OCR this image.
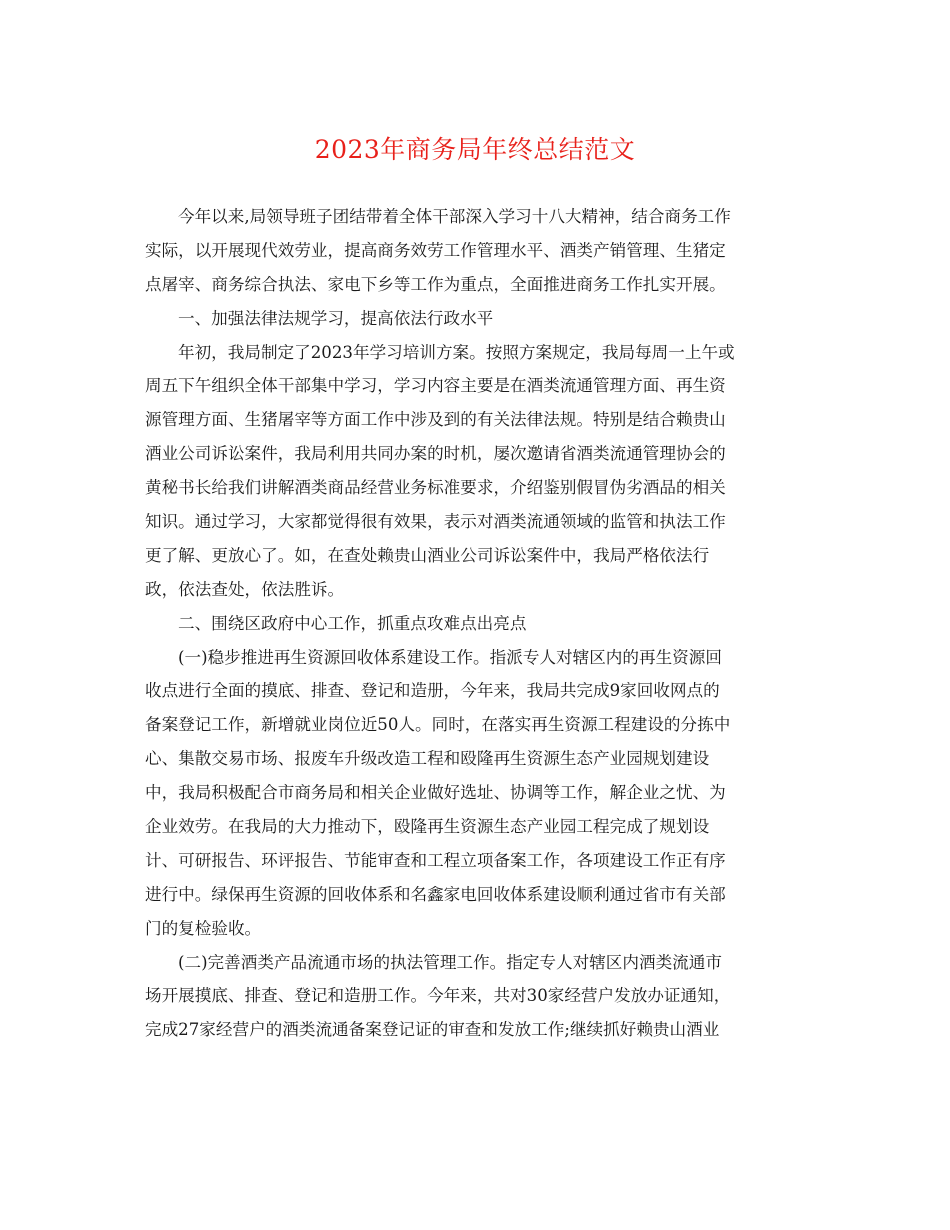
2023年商务局年终总结范文
今年以来,局领导班子团结带着全体干部深入学习十八大精神，结合商务工作
实际，以开展现代效劳业，提高商务效劳工作管理水平、酒类产销管理、生猪定
点屠宰、商务综合执法、家电下乡等工作为重点，全面推进商务工作扎实开展。
一、加强法律法规学习，提高依法行政水平
年初，我局制定了2023年学习培训方案。按照方案规定，我局每周一上午或
周五下午组织全体干部集中学习，学习内容主要是在酒类流通管理方面、再生资
源管理方面、生猪屠宰等方面工作中涉及到的有关法律法规。特别是结合赖贵山
酒业公司诉讼案件，我局利用共同办案的时机，屡次邀请省酒类流通管理协会的
黄秘书长给我们讲解酒类商品经营业务标准要求，介绍鉴别假冒伪劣酒品的相关
知识。通过学习，大家都觉得很有效果，表示对酒类流通领域的监管和执法工作
更了解、更放心了。如，在查处赖贵山酒业公司诉讼案件中，我局严格依法行
政，依法查处，依法胜诉。
二、围绕区政府中心工作，抓重点攻难点出亮点
(一)稳步推进再生资源回收体系建设工作。指派专人对辖区内的再生资源回
收点进行全面的摸底、排查、登记和造册，今年来，我局共完成9家回收网点的
备案登记工作，新增就业岗位近50人。同时，在落实再生资源工程建设的分拣中
心、集散交易市场、报废车升级改造工程和殴隆再生资源生态产业园规划建设
中，我局积极配合市商务局和相关企业做好选址、协调等工作，解企业之忧、为
企业效劳。在我局的大力推动下，殴隆再生资源生态产业园工程完成了规划设
计、可研报告、环评报告、节能审查和工程立项备案工作，各项建设工作正有序
进行中。绿保再生资源的回收体系和名鑫家电回收体系建设顺利通过省市有关部
门的复检验收。
(二)完善酒类产品流通市场的执法管理工作。指定专人对辖区内酒类流通市
场开展摸底、排查、登记和造册工作。今年来，共对30家经营户发放办证通知，
完成27家经营户的酒类流通备案登记证的审查和发放工作;继续抓好赖贵山酒业
